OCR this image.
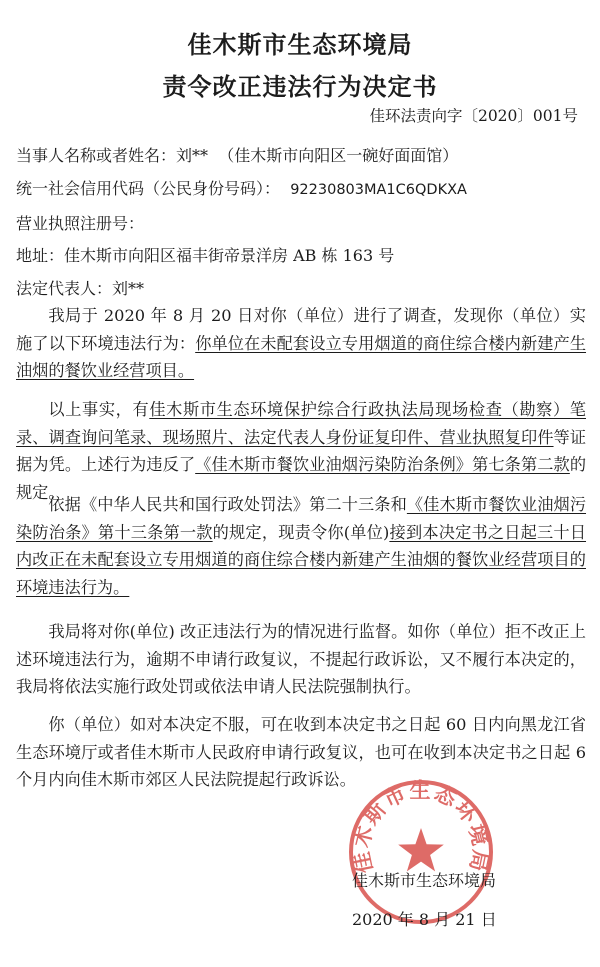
佳木斯市生态环境局
责令改正违法行为决定书
佳环法责向字〔2020〕001号
当事人名称或者姓名：刘** （佳木斯市向阳区一碗好面面馆）
统一社会信用代码（公民身份号码）： 92230803MA1C6QDKXA
营业执照注册号：
地址：佳木斯市向阳区福丰街帝景洋房 AB 栋 163 号
法定代表人：刘**
我局于 2020 年 8 月 20 日对你（单位）进行了调查，发现你（单位）实施了以下环境违法行为：你单位在未配套设立专用烟道的商住综合楼内新建产生油烟的餐饮业经营项目。
以上事实，有佳木斯市生态环境保护综合行政执法局现场检查（勘察）笔录、调查询问笔录、现场照片、法定代表人身份证复印件、营业执照复印件等证据为凭。上述行为违反了《佳木斯市餐饮业油烟污染防治条例》第七条第二款的规定。
依据《中华人民共和国行政处罚法》第二十三条和《佳木斯市餐饮业油烟污染防治条》第十三条第一款的规定，现责令你(单位)接到本决定书之日起三十日内改正在未配套设立专用烟道的商住综合楼内新建产生油烟的餐饮业经营项目的环境违法行为。
我局将对你(单位) 改正违法行为的情况进行监督。如你（单位）拒不改正上述环境违法行为，逾期不申请行政复议，不提起行政诉讼，又不履行本决定的，我局将依法实施行政处罚或依法申请人民法院强制执行。
你（单位）如对本决定不服，可在收到本决定书之日起 60 日内向黑龙江省生态环境厅或者佳木斯市人民政府申请行政复议，也可在收到本决定书之日起 6 个月内向佳木斯市郊区人民法院提起行政诉讼。
佳木斯市生态环境局
佳木斯市生态环境局
2020 年 8 月 21 日
